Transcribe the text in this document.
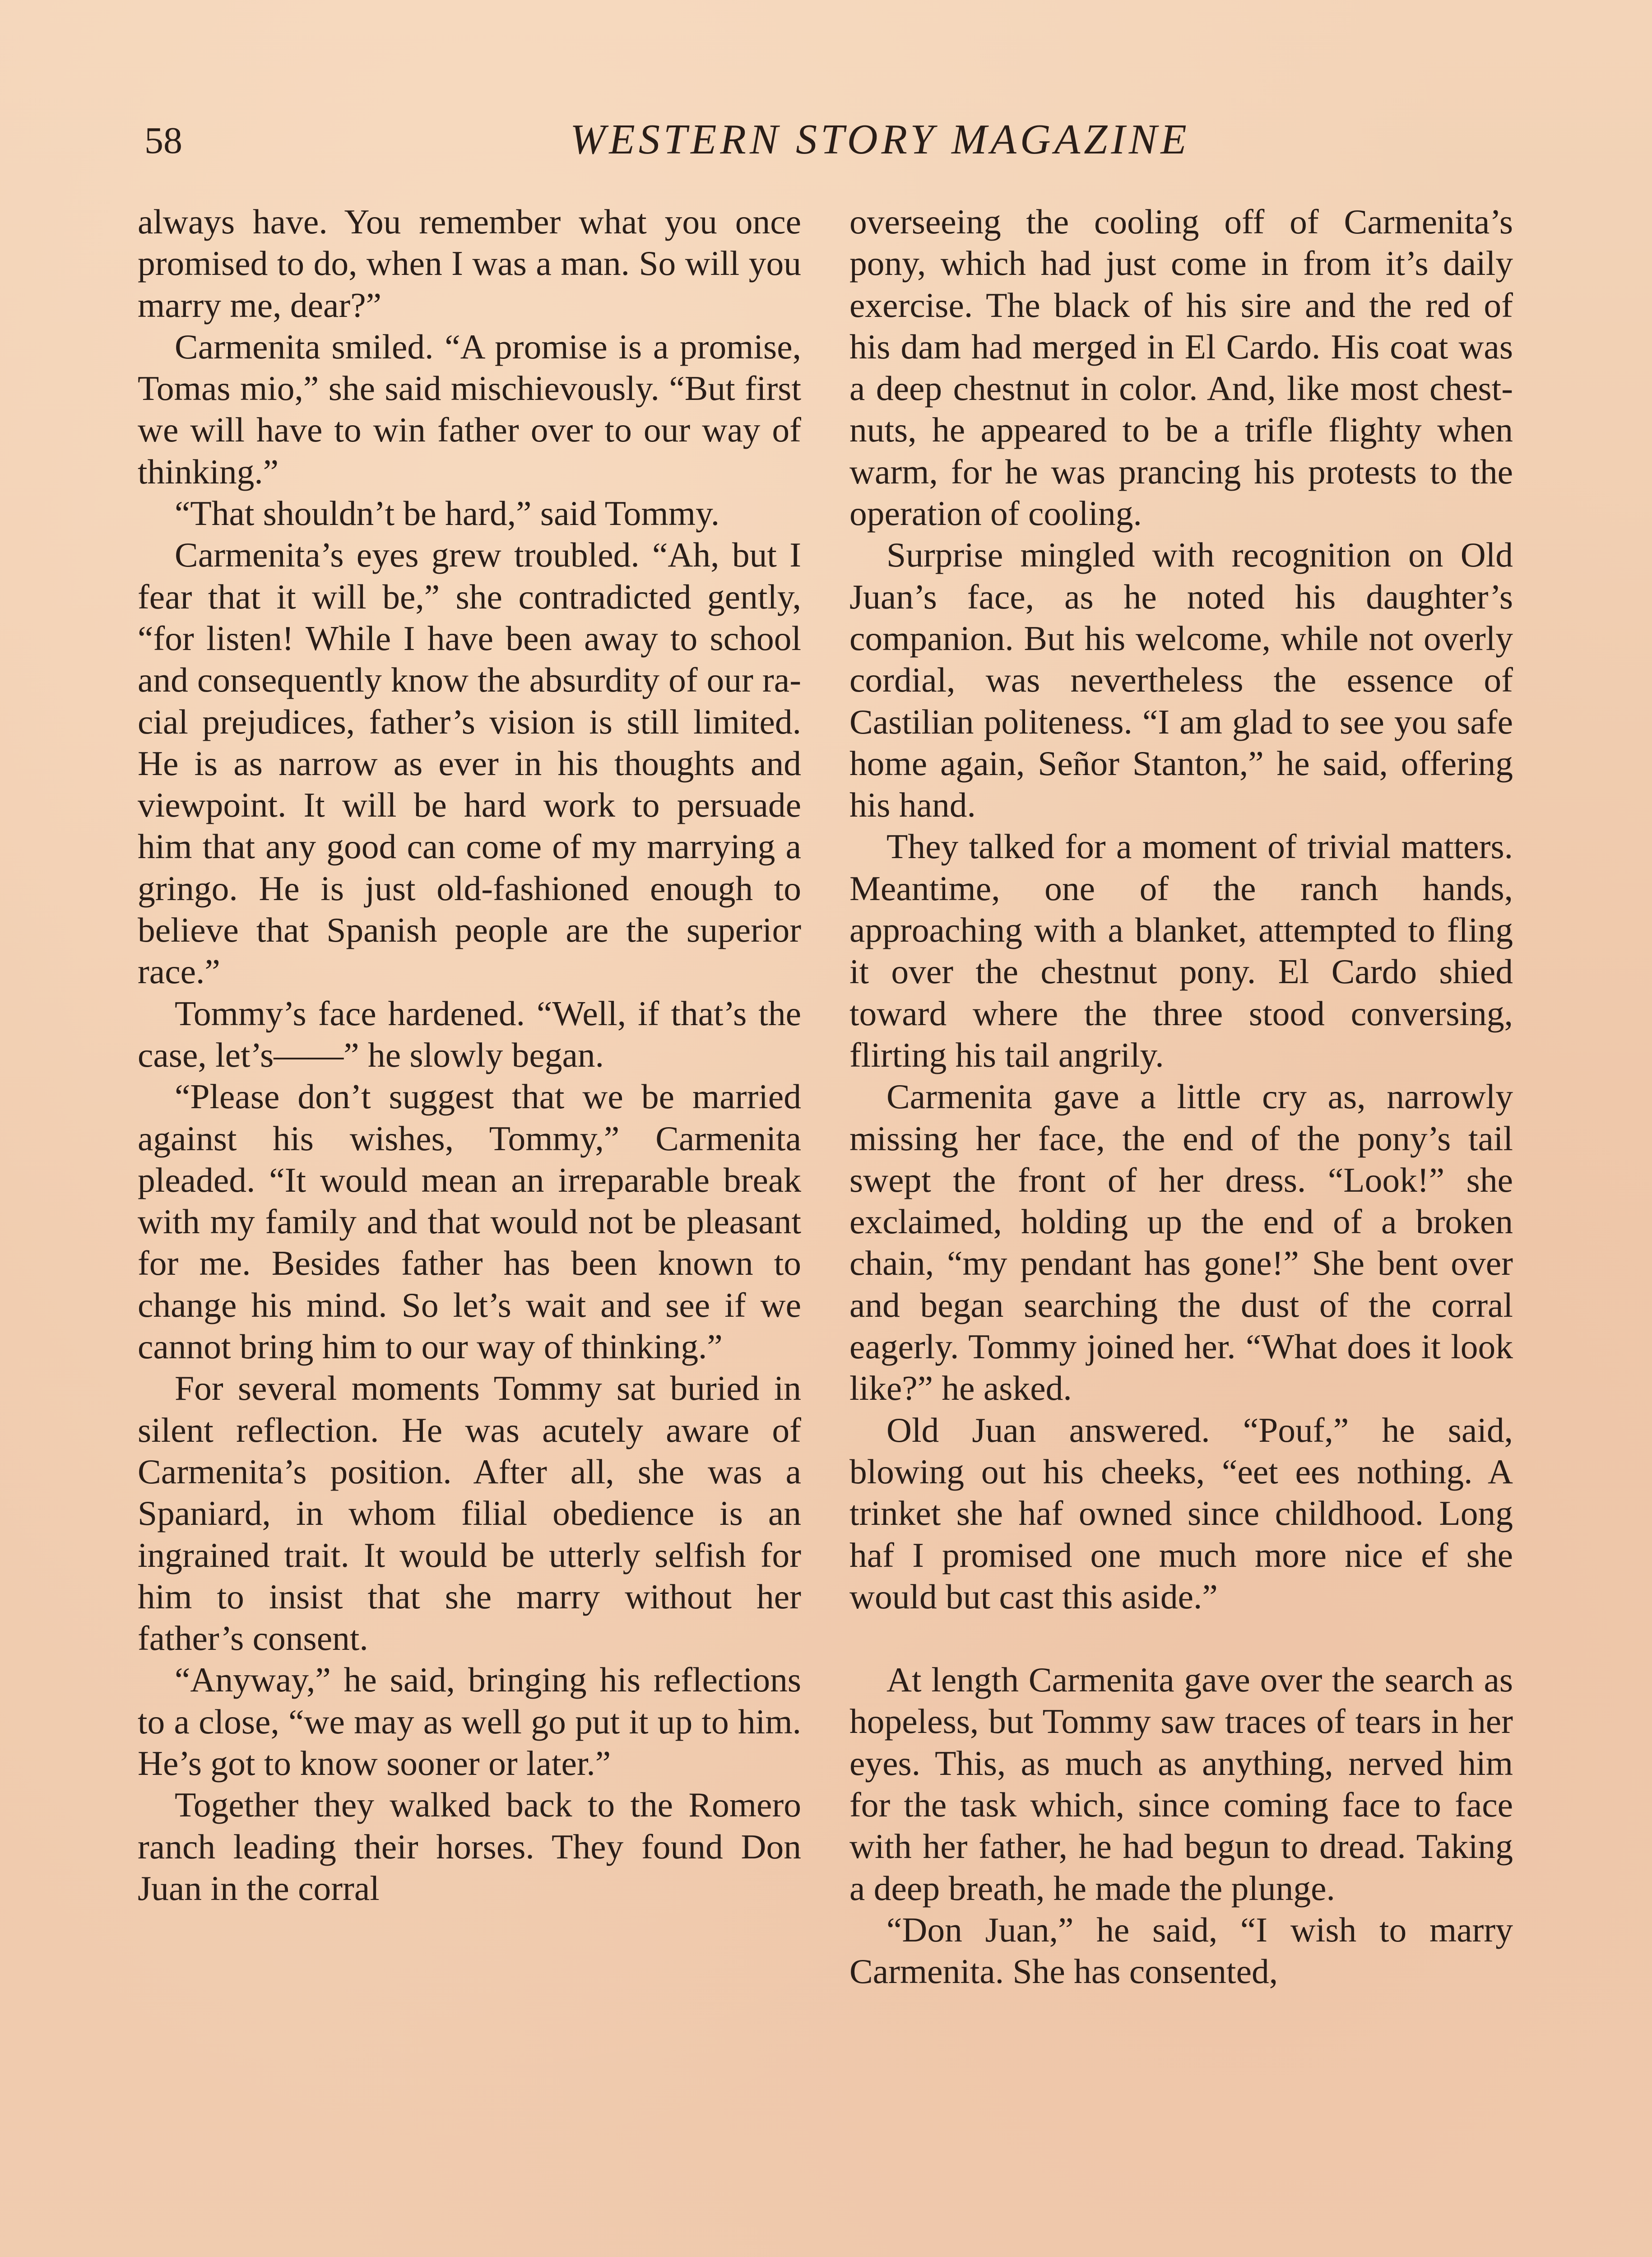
58	WESTERN STORY MAGAZINE

always have. You remember what you once promised to do, when I was a man. So will you marry me, dear?”

Carmenita smiled. “A promise is a promise, Tomas mio,” she said mischievously. “But first we will have to win father over to our way of thinking.”

“That shouldn’t be hard,” said Tommy.

Carmenita’s eyes grew troubled. “Ah, but I fear that it will be,” she contradicted gently, “for listen! While I have been away to school and consequently know the absurdity of our racial prejudices, father’s vision is still limited. He is as narrow as ever in his thoughts and viewpoint. It will be hard work to persuade him that any good can come of my marrying a gringo. He is just old-fashioned enough to believe that Spanish people are the superior race.”

Tommy’s face hardened. “Well, if that’s the case, let’s——” he slowly began.

“Please don’t suggest that we be married against his wishes, Tommy,” Carmenita pleaded. “It would mean an irreparable break with my family and that would not be pleasant for me. Besides father has been known to change his mind. So let’s wait and see if we cannot bring him to our way of thinking.”

For several moments Tommy sat buried in silent reflection. He was acutely aware of Carmenita’s position. After all, she was a Spaniard, in whom filial obedience is an ingrained trait. It would be utterly selfish for him to insist that she marry without her father’s consent.

“Anyway,” he said, bringing his reflections to a close, “we may as well go put it up to him. He’s got to know sooner or later.”

Together they walked back to the Romero ranch leading their horses. They found Don Juan in the corral

overseeing the cooling off of Carmenita’s pony, which had just come in from it’s daily exercise. The black of his sire and the red of his dam had merged in El Cardo. His coat was a deep chestnut in color. And, like most chestnuts, he appeared to be a trifle flighty when warm, for he was prancing his protests to the operation of cooling.

Surprise mingled with recognition on Old Juan’s face, as he noted his daughter’s companion. But his welcome, while not overly cordial, was nevertheless the essence of Castilian politeness. “I am glad to see you safe home again, Señor Stanton,” he said, offering his hand.

They talked for a moment of trivial matters. Meantime, one of the ranch hands, approaching with a blanket, attempted to fling it over the chestnut pony. El Cardo shied toward where the three stood conversing, flirting his tail angrily.

Carmenita gave a little cry as, narrowly missing her face, the end of the pony’s tail swept the front of her dress. “Look!” she exclaimed, holding up the end of a broken chain, “my pendant has gone!” She bent over and began searching the dust of the corral eagerly. Tommy joined her. “What does it look like?” he asked.

Old Juan answered. “Pouf,” he said, blowing out his cheeks, “eet ees nothing. A trinket she haf owned since childhood. Long haf I promised one much more nice ef she would but cast this aside.”

At length Carmenita gave over the search as hopeless, but Tommy saw traces of tears in her eyes. This, as much as anything, nerved him for the task which, since coming face to face with her father, he had begun to dread. Taking a deep breath, he made the plunge.

“Don Juan,” he said, “I wish to marry Carmenita. She has consented,
